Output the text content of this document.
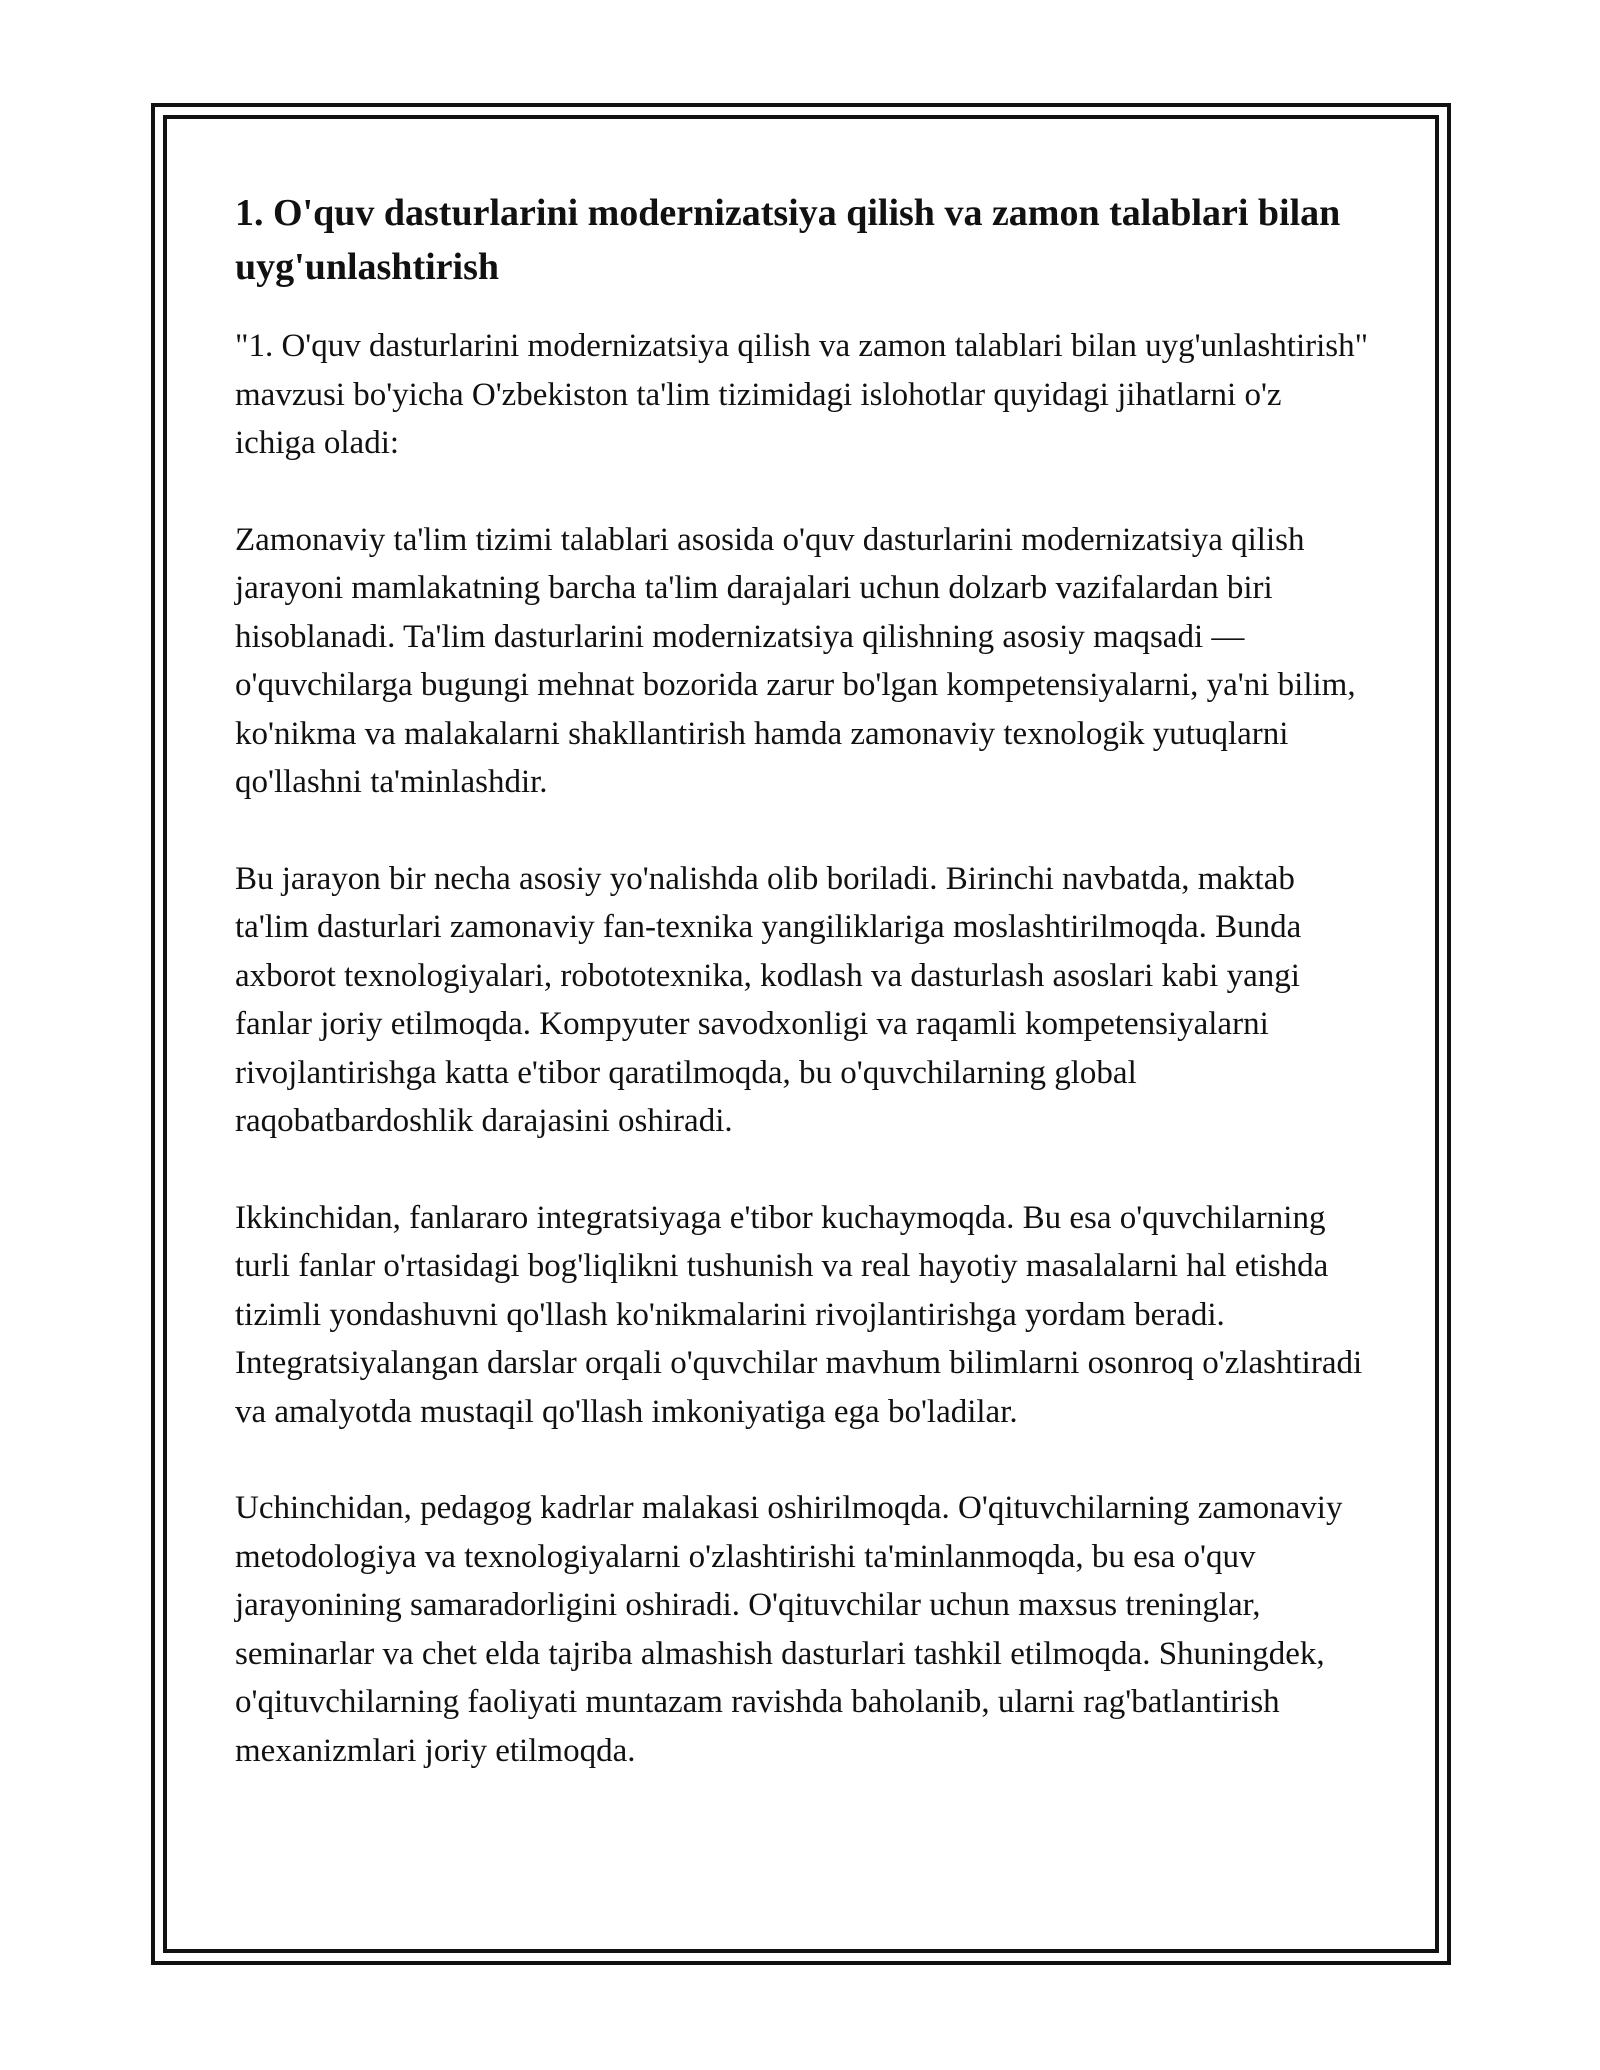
1. O'quv dasturlarini modernizatsiya qilish va zamon talablari bilan uyg'unlashtirish

"1. O'quv dasturlarini modernizatsiya qilish va zamon talablari bilan uyg'unlashtirish" mavzusi bo'yicha O'zbekiston ta'lim tizimidagi islohotlar quyidagi jihatlarni o'z ichiga oladi:

Zamonaviy ta'lim tizimi talablari asosida o'quv dasturlarini modernizatsiya qilish jarayoni mamlakatning barcha ta'lim darajalari uchun dolzarb vazifalardan biri hisoblanadi. Ta'lim dasturlarini modernizatsiya qilishning asosiy maqsadi — o'quvchilarga bugungi mehnat bozorida zarur bo'lgan kompetensiyalarni, ya'ni bilim, ko'nikma va malakalarni shakllantirish hamda zamonaviy texnologik yutuqlarni qo'llashni ta'minlashdir.

Bu jarayon bir necha asosiy yo'nalishda olib boriladi. Birinchi navbatda, maktab ta'lim dasturlari zamonaviy fan-texnika yangiliklariga moslashtirilmoqda. Bunda axborot texnologiyalari, robototexnika, kodlash va dasturlash asoslari kabi yangi fanlar joriy etilmoqda. Kompyuter savodxonligi va raqamli kompetensiyalarni rivojlantirishga katta e'tibor qaratilmoqda, bu o'quvchilarning global raqobatbardoshlik darajasini oshiradi.

Ikkinchidan, fanlararo integratsiyaga e'tibor kuchaymoqda. Bu esa o'quvchilarning turli fanlar o'rtasidagi bog'liqlikni tushunish va real hayotiy masalalarni hal etishda tizimli yondashuvni qo'llash ko'nikmalarini rivojlantirishga yordam beradi. Integratsiyalangan darslar orqali o'quvchilar mavhum bilimlarni osonroq o'zlashtiradi va amalyotda mustaqil qo'llash imkoniyatiga ega bo'ladilar.

Uchinchidan, pedagog kadrlar malakasi oshirilmoqda. O'qituvchilarning zamonaviy metodologiya va texnologiyalarni o'zlashtirishi ta'minlanmoqda, bu esa o'quv jarayonining samaradorligini oshiradi. O'qituvchilar uchun maxsus treninglar, seminarlar va chet elda tajriba almashish dasturlari tashkil etilmoqda. Shuningdek, o'qituvchilarning faoliyati muntazam ravishda baholanib, ularni rag'batlantirish mexanizmlari joriy etilmoqda.
